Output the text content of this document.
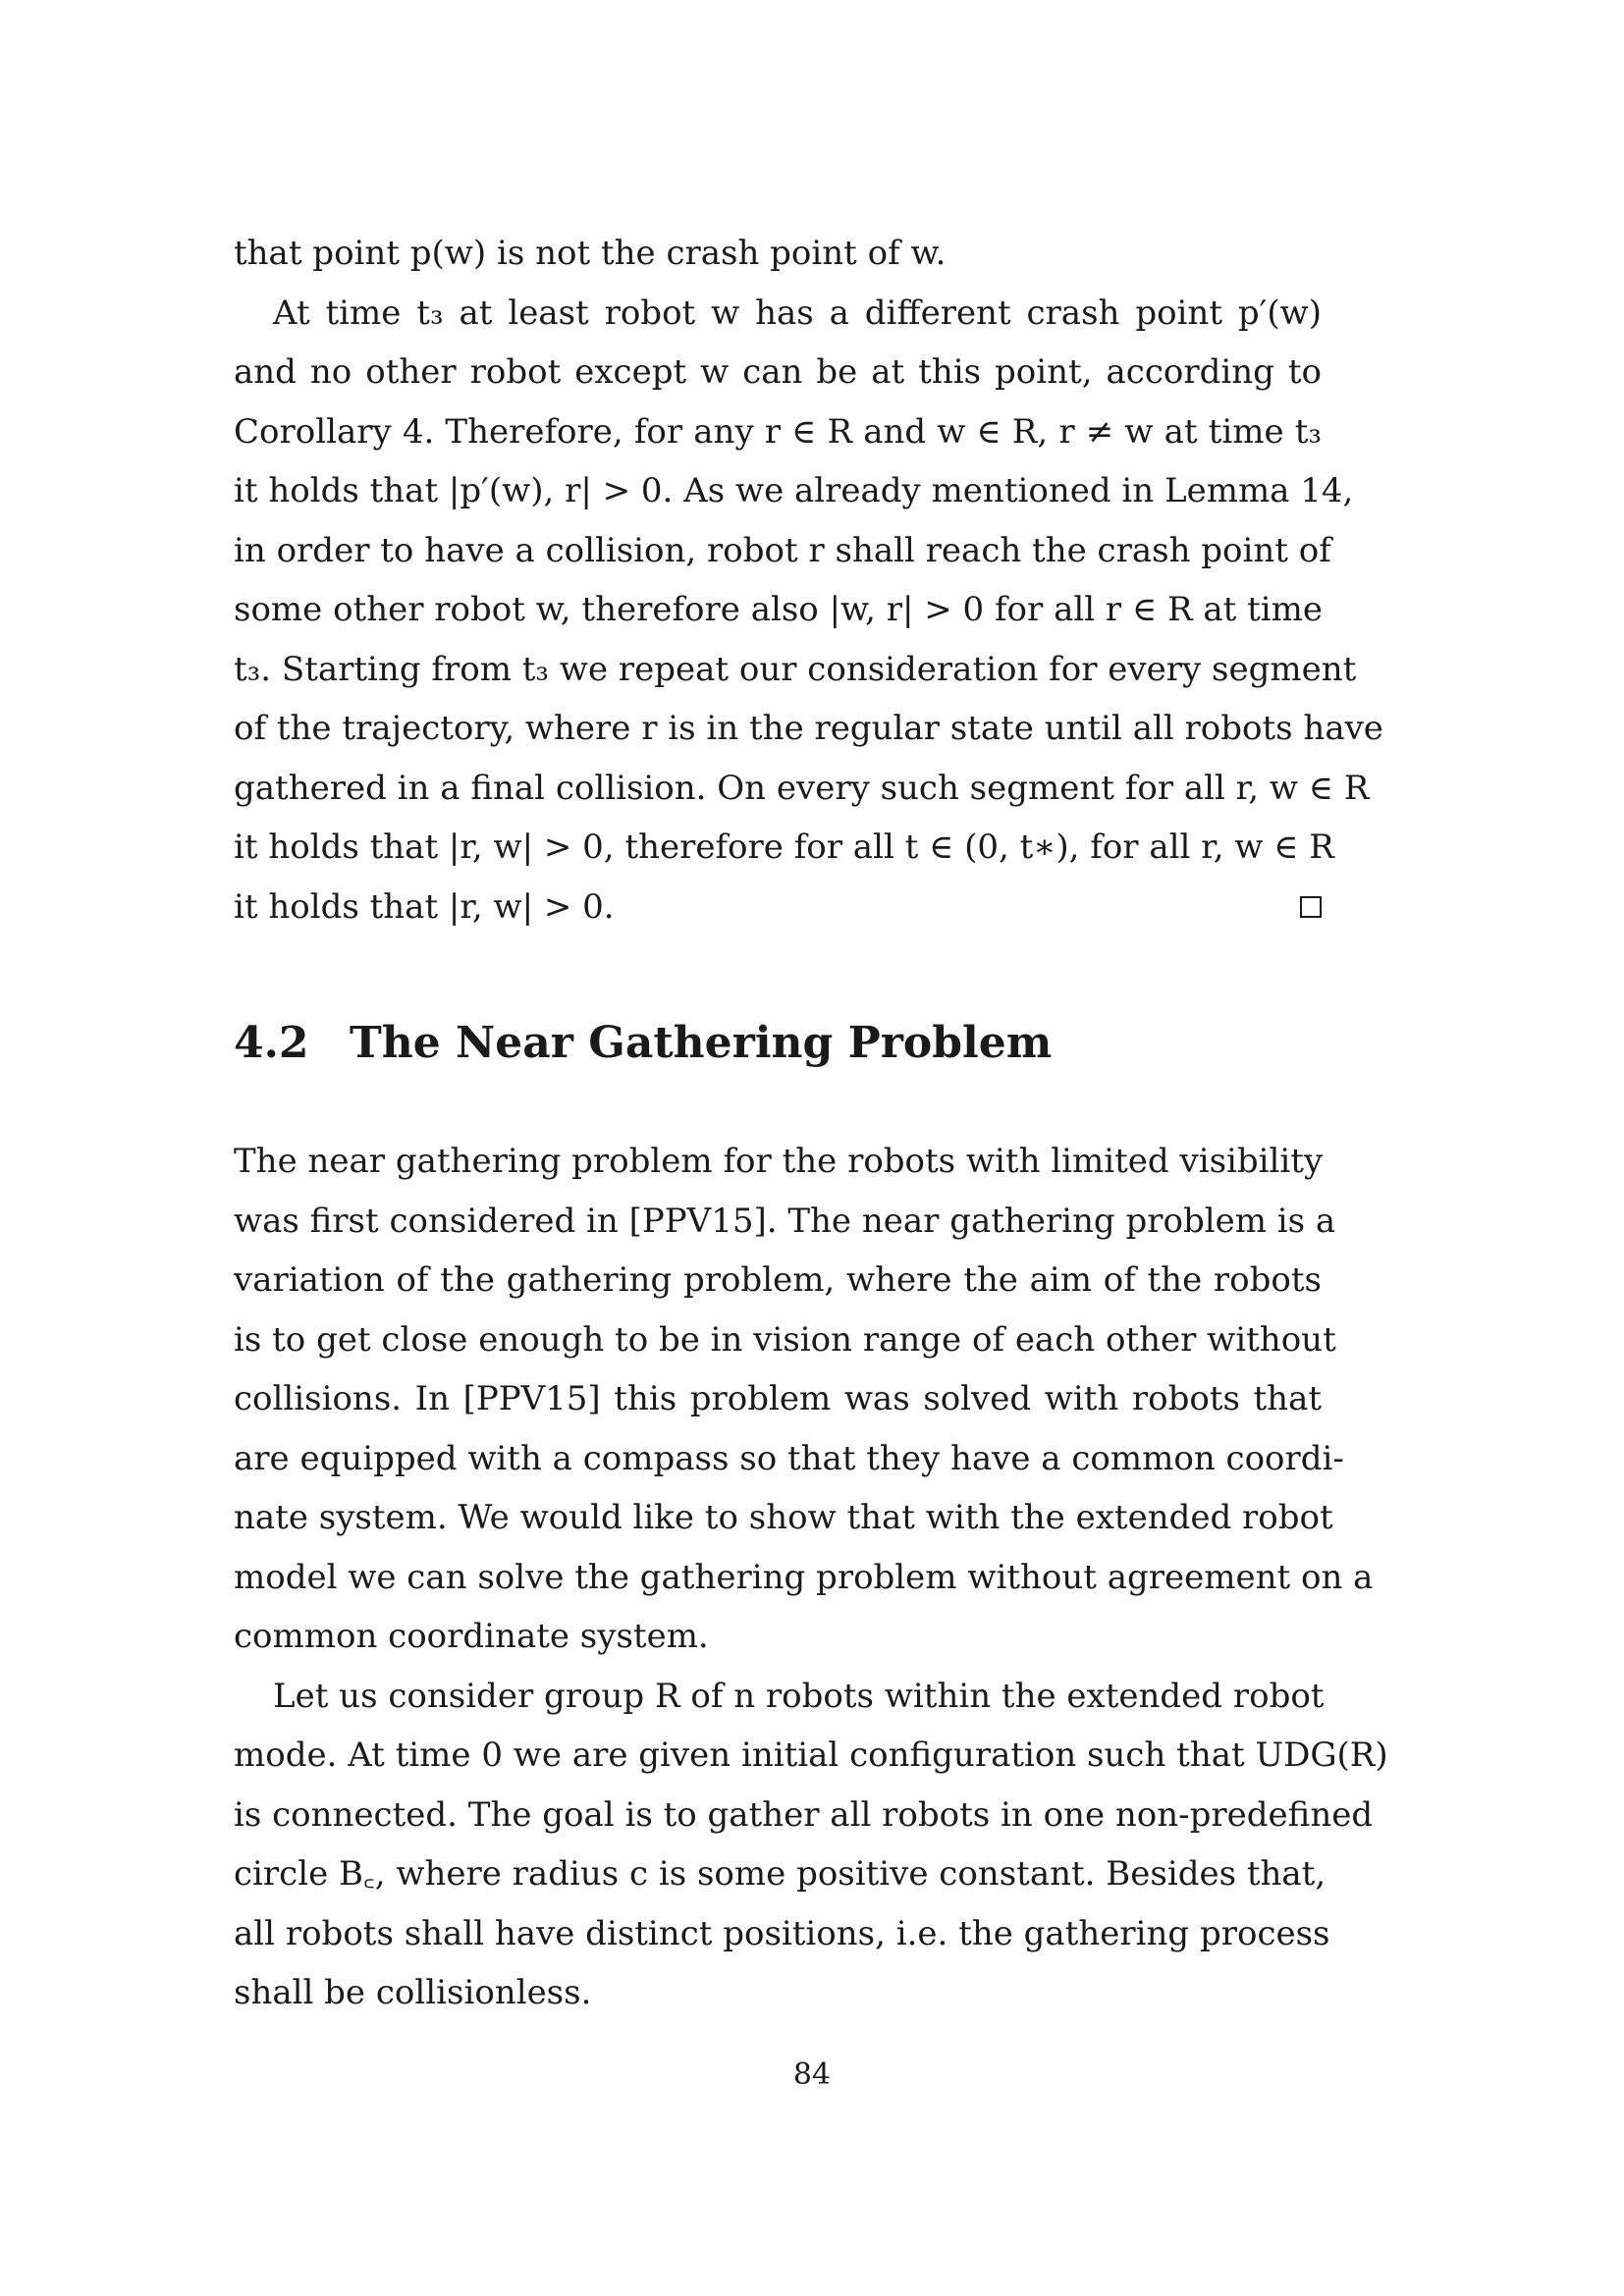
that point p(w) is not the crash point of w.
At time t₃ at least robot w has a different crash point p′(w)
and no other robot except w can be at this point, according to
Corollary 4. Therefore, for any r ∈ R and w ∈ R, r ≠ w at time t₃
it holds that |p′(w), r| > 0. As we already mentioned in Lemma 14,
in order to have a collision, robot r shall reach the crash point of
some other robot w, therefore also |w, r| > 0 for all r ∈ R at time
t₃. Starting from t₃ we repeat our consideration for every segment
of the trajectory, where r is in the regular state until all robots have
gathered in a final collision. On every such segment for all r, w ∈ R
it holds that |r, w| > 0, therefore for all t ∈ (0, t∗), for all r, w ∈ R
it holds that |r, w| > 0.
4.2 The Near Gathering Problem
The near gathering problem for the robots with limited visibility
was first considered in [PPV15]. The near gathering problem is a
variation of the gathering problem, where the aim of the robots
is to get close enough to be in vision range of each other without
collisions. In [PPV15] this problem was solved with robots that
are equipped with a compass so that they have a common coordi-
nate system. We would like to show that with the extended robot
model we can solve the gathering problem without agreement on a
common coordinate system.
Let us consider group R of n robots within the extended robot
mode. At time 0 we are given initial configuration such that UDG(R)
is connected. The goal is to gather all robots in one non-predefined
circle B꜀, where radius c is some positive constant. Besides that,
all robots shall have distinct positions, i.e. the gathering process
shall be collisionless.
84
